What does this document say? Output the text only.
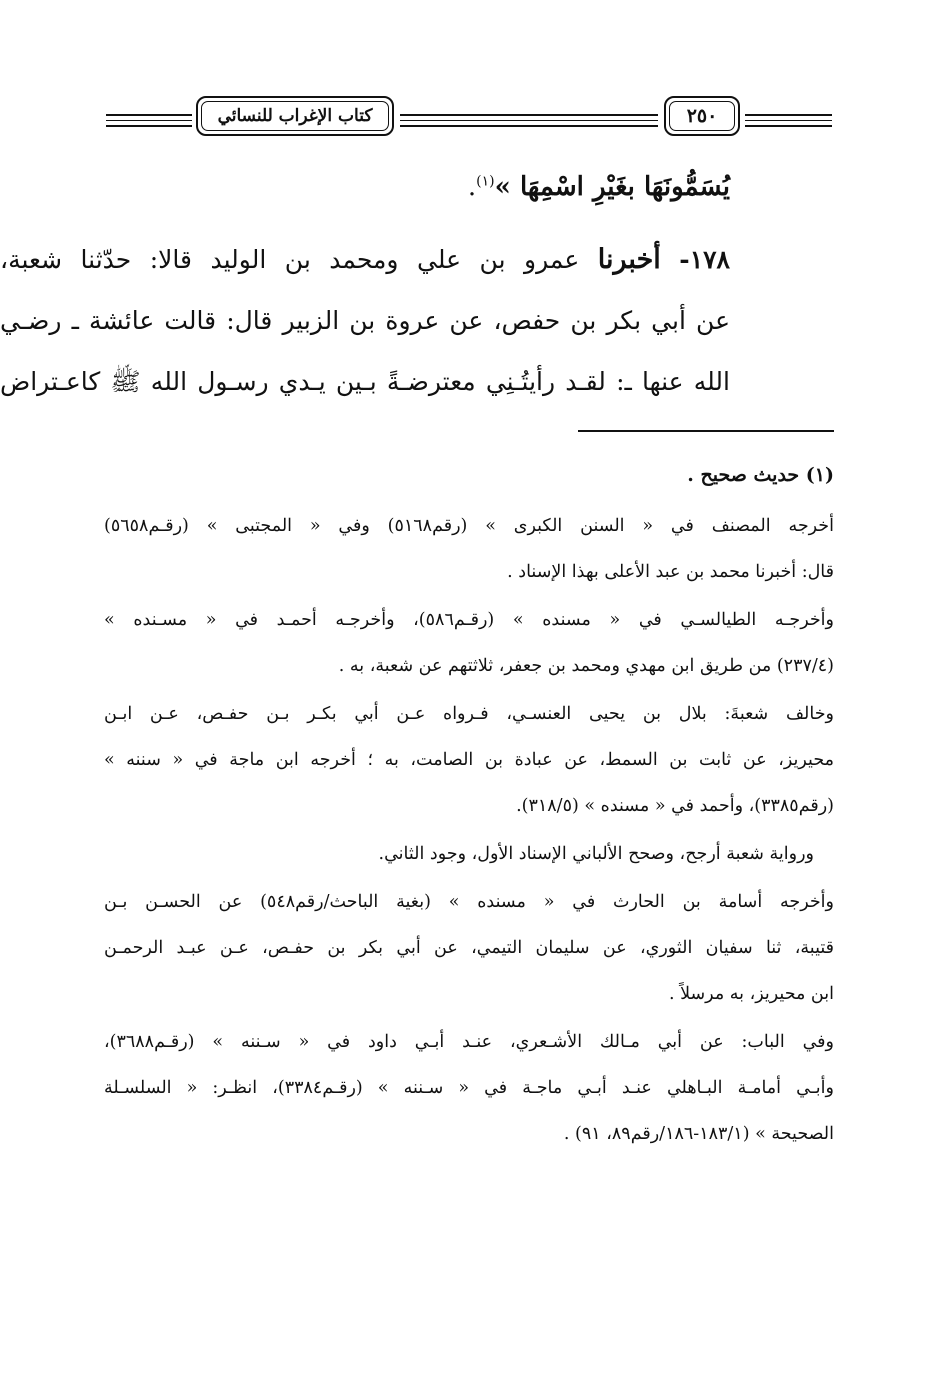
كتاب الإغراب للنسائي	٢٥٠
يُسَمُّونَهَا بغَيْرِ اسْمِهَا »$^{(١)}$.
١٧٨- أخبرنا عمرو بن علي ومحمد بن الوليد قالا: حدّثنا شعبة،
عن أبي بكر بن حفص، عن عروة بن الزبير قال: قالت عائشة ـ رضـي
الله عنها ـ: لقـد رأيتُـنِي معترضـةً بـين يـدي رسـول الله ﷺ كاعـتراض
(١) حديث صحيح .
أخرجه المصنف في « السنن الكبرى » (رقم٥١٦٨) وفي « المجتبى » (رقـم٥٦٥٨)
قال: أخبرنا محمد بن عبد الأعلى بهذا الإسناد .
وأخرجـه الطيالسـي في « مسنده » (رقـم٥٨٦)، وأخرجـه أحمـد في « مسـنده »
(٢٣٧/٤) من طريق ابن مهدي ومحمد بن جعفر، ثلاثتهم عن شعبة، به .
وخالف شعبةَ: بلال بن يحيى العنسـي، فـرواه عـن أبي بكـر بـن حفـص، عـن ابـن
محيريز، عن ثابت بن السمط، عن عبادة بن الصامت، به ؛ أخرجه ابن ماجة في « سننه »
(رقم٣٣٨٥)، وأحمد في « مسنده » (٣١٨/٥).
ورواية شعبة أرجح، وصحح الألباني الإسناد الأول، وجود الثاني.
وأخرجه أسامة بن الحارث في « مسنده » (بغية الباحث/رقم٥٤٨) عن الحسـن بـن
قتيبة، ثنا سفيان الثوري، عن سليمان التيمي، عن أبي بكر بن حفـص، عـن عبـد الرحمـن
ابن محيريز، به مرسلاً .
وفي الباب: عن أبي مـالك الأشـعري، عنـد أبـي داود في « سـننه » (رقـم٣٦٨٨)،
وأبـي أمامـة البـاهلي عنـد أبـي ماجـة في « سـننه » (رقـم٣٣٨٤)، انظـر: « السلسـلة
الصحيحة » (١٨٣/١-١٨٦/رقم٨٩، ٩١) .
